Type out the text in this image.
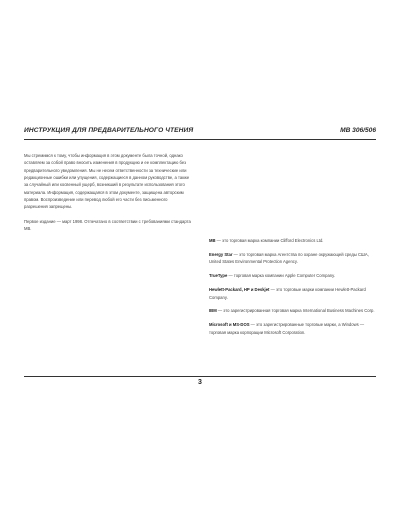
ИНСТРУКЦИЯ ДЛЯ ПРЕДВАРИТЕЛЬНОГО ЧТЕНИЯ	MB 306/506

Мы стремимся к тому, чтобы информация в этом документе была точной, однако оставляем за собой право вносить изменения в продукцию и ее комплектацию без предварительного уведомления. Мы не несем ответственности за технические или редакционные ошибки или упущения, содержащиеся в данном руководстве, а также за случайный или косвенный ущерб, возникший в результате использования этого материала. Информация, содержащаяся в этом документе, защищена авторским правом. Воспроизведение или перевод любой его части без письменного разрешения запрещены.

Первое издание — март 1998. Отпечатано в соответствии с требованиями стандарта MB.

MB — это торговая марка компании Clifford Electronics Ltd.

Energy Star — это торговая марка Агентства по охране окружающей среды США, United States Environmental Protection Agency.

TrueType — торговая марка компании Apple Computer Company.

Hewlett-Packard, HP и Deskjet — это торговые марки компании Hewlett-Packard Company.

IBM — это зарегистрированная торговая марка International Business Machines Corp.

Microsoft и MS-DOS — это зарегистрированные торговые марки, а Windows — торговая марка корпорации Microsoft Corporation.

3
